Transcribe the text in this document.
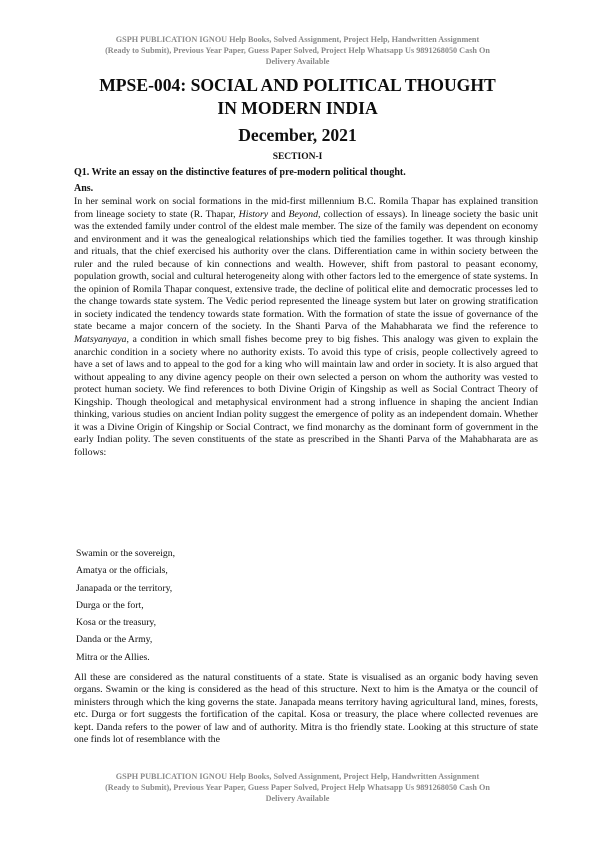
GSPH PUBLICATION IGNOU Help Books, Solved Assignment, Project Help, Handwritten Assignment
(Ready to Submit), Previous Year Paper, Guess Paper Solved, Project Help Whatsapp Us 9891268050 Cash On
Delivery Available
MPSE-004: SOCIAL AND POLITICAL THOUGHT
IN MODERN INDIA
December, 2021
SECTION-I
Q1. Write an essay on the distinctive features of pre-modern political thought.
Ans.

In her seminal work on social formations in the mid-first millennium B.C. Romila Thapar has explained transition from lineage society to state (R. Thapar, History and Beyond, collection of essays). In lineage society the basic unit was the extended family under control of the eldest male member. The size of the family was dependent on economy and environment and it was the genealogical relationships which tied the families together. It was through kinship and rituals, that the chief exercised his authority over the clans. Differentiation came in within society between the ruler and the ruled because of kin connections and wealth. However, shift from pastoral to peasant economy, population growth, social and cultural heterogeneity along with other factors led to the emergence of state systems. In the opinion of Romila Thapar conquest, extensive trade, the decline of political elite and democratic processes led to the change towards state system. The Vedic period represented the lineage system but later on growing stratification in society indicated the tendency towards state formation. With the formation of state the issue of governance of the state became a major concern of the society. In the Shanti Parva of the Mahabharata we find the reference to Matsyanyaya, a condition in which small fishes become prey to big fishes. This analogy was given to explain the anarchic condition in a society where no authority exists. To avoid this type of crisis, people collectively agreed to have a set of laws and to appeal to the god for a king who will maintain law and order in society. It is also argued that without appealing to any divine agency people on their own selected a person on whom the authority was vested to protect human society. We find references to both Divine Origin of Kingship as well as Social Contract Theory of Kingship. Though theological and metaphysical environment had a strong influence in shaping the ancient Indian thinking, various studies on ancient Indian polity suggest the emergence of polity as an independent domain. Whether it was a Divine Origin of Kingship or Social Contract, we find monarchy as the dominant form of government in the early Indian polity. The seven constituents of the state as prescribed in the Shanti Parva of the Mahabharata are as follows:

Swamin or the sovereign,
Amatya or the officials,
Janapada or the territory,
Durga or the fort,
Kosa or the treasury,
Danda or the Army,
Mitra or the Allies.

All these are considered as the natural constituents of a state. State is visualised as an organic body having seven organs. Swamin or the king is considered as the head of this structure. Next to him is the Amatya or the council of ministers through which the king governs the state. Janapada means territory having agricultural land, mines, forests, etc. Durga or fort suggests the fortification of the capital. Kosa or treasury, the place where collected revenues are kept. Danda refers to the power of law and of authority. Mitra is tho friendly state. Looking at this structure of state one finds lot of resemblance with the

GSPH PUBLICATION IGNOU Help Books, Solved Assignment, Project Help, Handwritten Assignment
(Ready to Submit), Previous Year Paper, Guess Paper Solved, Project Help Whatsapp Us 9891268050 Cash On
Delivery Available
